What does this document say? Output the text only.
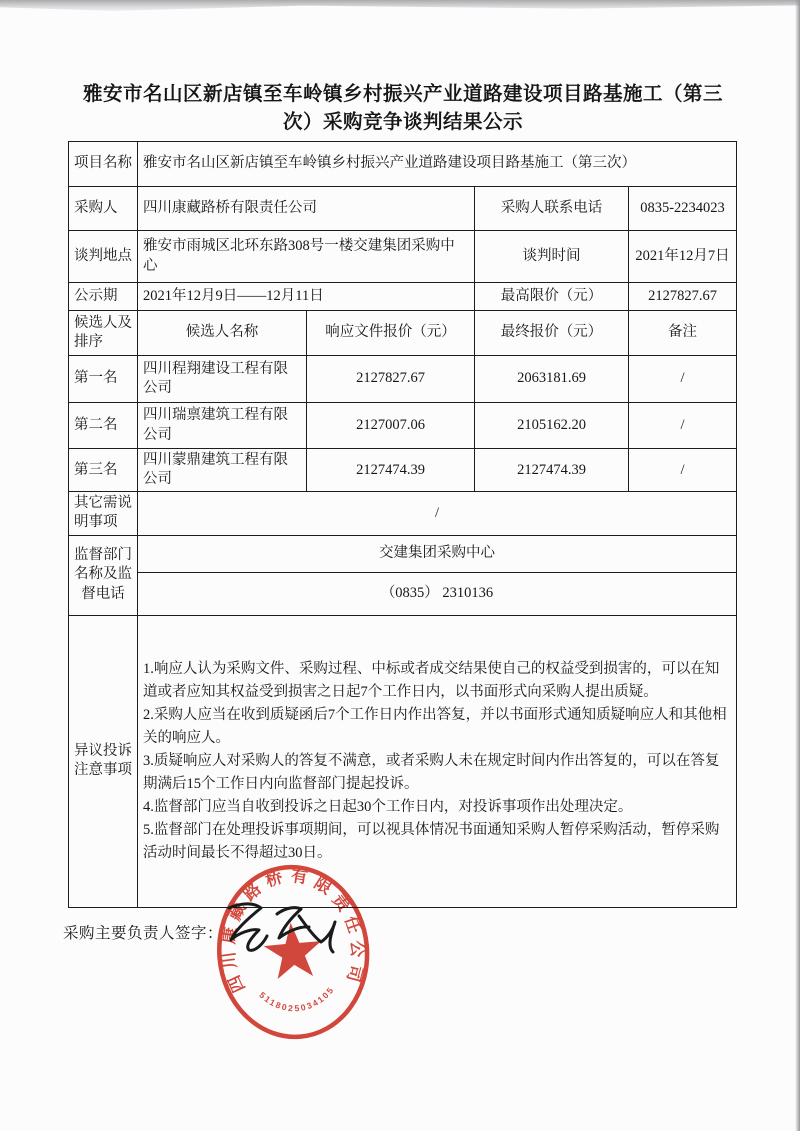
雅安市名山区新店镇至车岭镇乡村振兴产业道路建设项目路基施工（第三
次）采购竞争谈判结果公示
项目名称	雅安市名山区新店镇至车岭镇乡村振兴产业道路建设项目路基施工（第三次）			
采购人	四川康藏路桥有限责任公司		采购人联系电话	0835-2234023
谈判地点	雅安市雨城区北环东路308号一楼交建集团采购中心		谈判时间	2021年12月7日
公示期	2021年12月9日——12月11日		最高限价（元）	2127827.67
候选人及排序	候选人名称	响应文件报价（元）	最终报价（元）	备注
第一名	四川程翔建设工程有限公司	2127827.67	2063181.69	/
第二名	四川瑞禀建筑工程有限公司	2127007.06	2105162.20	/
第三名	四川蒙鼎建筑工程有限公司	2127474.39	2127474.39	/
其它需说明事项	/			
监督部门名称及监督电话	交建集团采购中心			
	（0835） 2310136			
异议投诉注意事项	1.响应人认为采购文件、采购过程、中标或者成交结果使自己的权益受到损害的，可以在知道或者应知其权益受到损害之日起7个工作日内，以书面形式向采购人提出质疑。
2.采购人应当在收到质疑函后7个工作日内作出答复，并以书面形式通知质疑响应人和其他相关的响应人。
3.质疑响应人对采购人的答复不满意，或者采购人未在规定时间内作出答复的，可以在答复期满后15个工作日内向监督部门提起投诉。
4.监督部门应当自收到投诉之日起30个工作日内，对投诉事项作出处理决定。
5.监督部门在处理投诉事项期间，可以视具体情况书面通知采购人暂停采购活动，暂停采购活动时间最长不得超过30日。			
采购主要负责人签字：
四川康藏路桥有限责任公司
5118025034105
